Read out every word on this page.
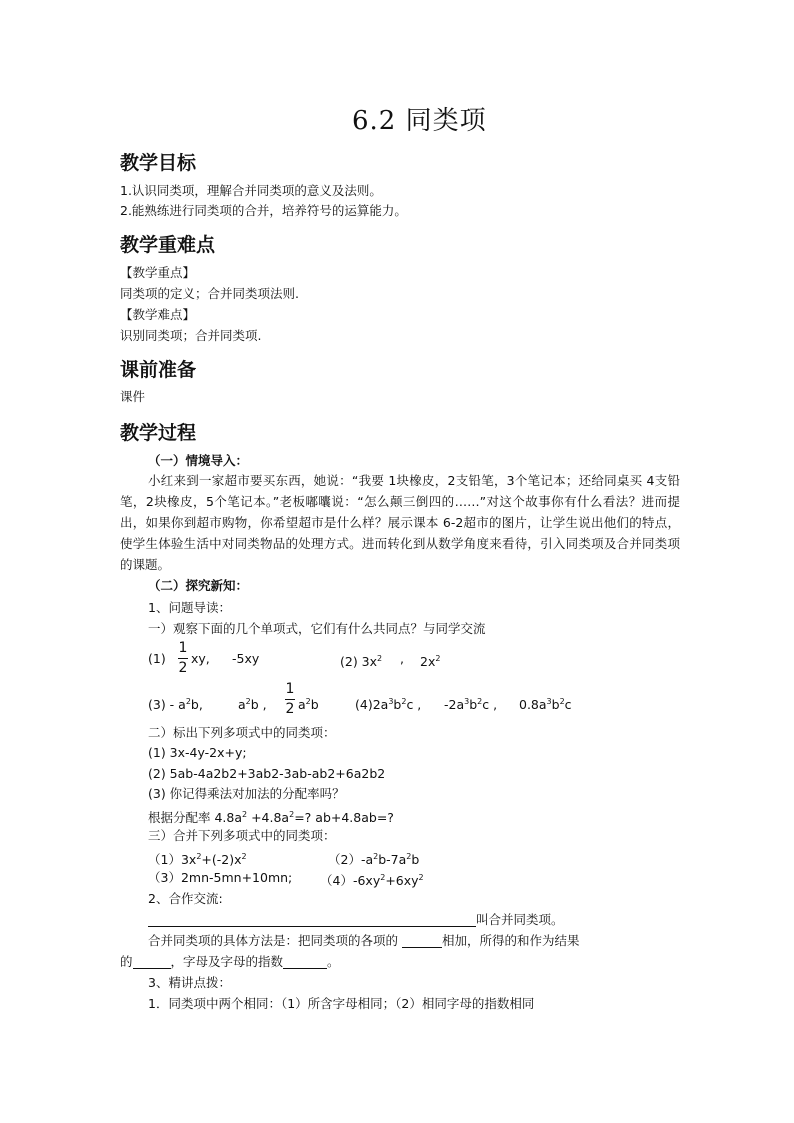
6.2 同类项
教学目标
1.认识同类项，理解合并同类项的意义及法则。
2.能熟练进行同类项的合并，培养符号的运算能力。
教学重难点
【教学重点】
同类项的定义；合并同类项法则.
【教学难点】
识别同类项；合并同类项.
课前准备
课件
教学过程
（一）情境导入：
小红来到一家超市要买东西，她说：“我要 1块橡皮，2支铅笔，3个笔记本；还给同桌买 4支铅笔，2块橡皮，5个笔记本。”老板嘟囔说：“怎么颠三倒四的……”对这个故事你有什么看法？进而提出，如果你到超市购物，你希望超市是什么样？展示课本 6-2超市的图片，让学生说出他们的特点，使学生体验生活中对同类物品的处理方式。进而转化到从数学角度来看待，引入同类项及合并同类项的课题。
（二）探究新知：
1、问题导读：
一）观察下面的几个单项式，它们有什么共同点？与同学交流
(1)
1
2
xy, -5xy	(2) $3x^2$ , $2x^2$
$(3) - a^2b$,	$a^2b$ ,
1
2 $a^2b$	$(4)2a^3b^2c$ , $-2a^3b^2c$ , $0.8a^3b^2c$
二）标出下列多项式中的同类项：
(1) 3x-4y-2x+y;
(2) 5ab-4a2b2+3ab2-3ab-ab2+6a2b2
(3) 你记得乘法对加法的分配率吗？
根据分配率 $4.8a^2 +4.8a^2=$? ab+4.8ab=?
三）合并下列多项式中的同类项：
$(1)3x^2+(-2)x^2$	$(2)-a^2b-7a^2b$
（3）2mn-5mn+10mn; $(4)-6xy^2+6xy^2$
2、合作交流:
叫合并同类项。
合并同类项的具体方法是：把同类项的各项的	相加，所得的和作为结果
的	，字母及字母的指数	。
3、精讲点拨：
1．同类项中两个相同：（1）所含字母相同；（2）相同字母的指数相同
